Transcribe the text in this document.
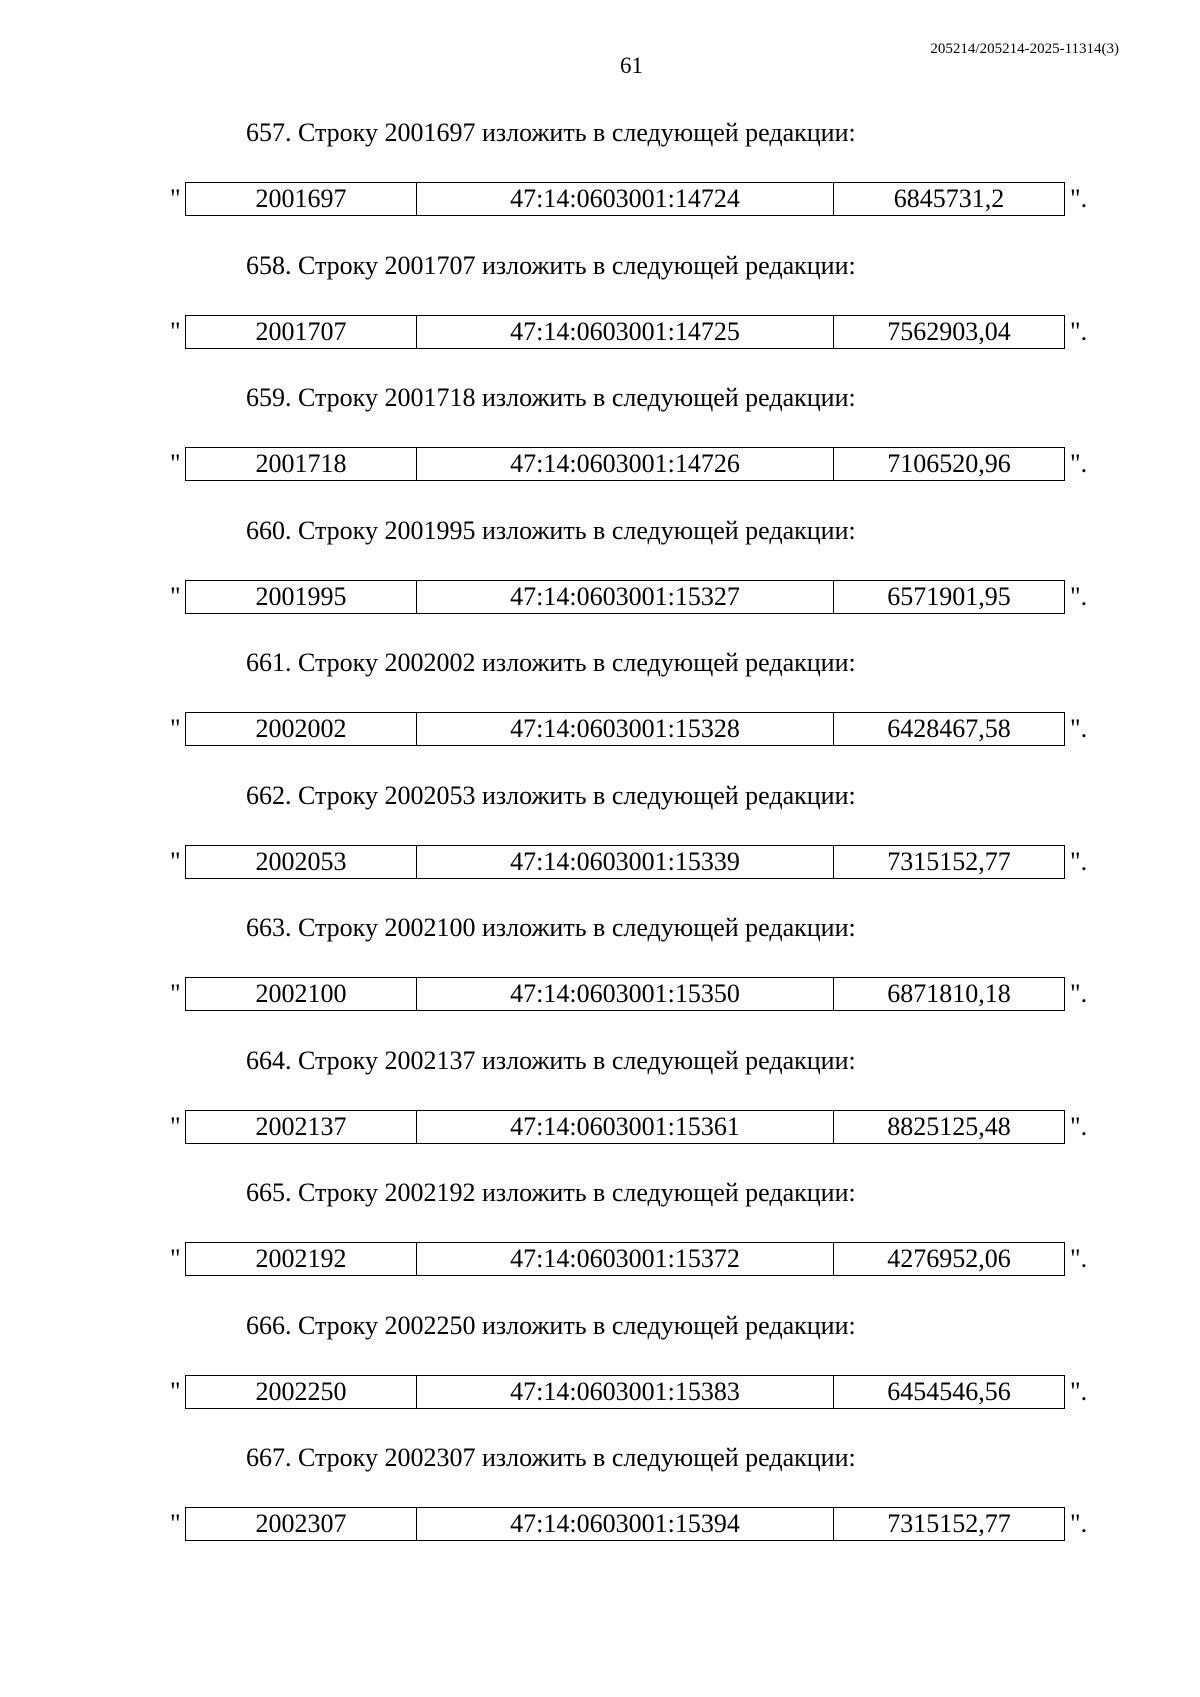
205214/205214-2025-11314(3)
61
657. Строку 2001697 изложить в следующей редакции:
"	2001697	47:14:0603001:14724	6845731,2	".
658. Строку 2001707 изложить в следующей редакции:
"	2001707	47:14:0603001:14725	7562903,04 ".
659. Строку 2001718 изложить в следующей редакции:
"	2001718	47:14:0603001:14726	7106520,96 ".
660. Строку 2001995 изложить в следующей редакции:
"	2001995	47:14:0603001:15327	6571901,95 ".
661. Строку 2002002 изложить в следующей редакции:
"	2002002	47:14:0603001:15328	6428467,58 ".
662. Строку 2002053 изложить в следующей редакции:
"	2002053	47:14:0603001:15339	7315152,77 ".
663. Строку 2002100 изложить в следующей редакции:
"	2002100	47:14:0603001:15350	6871810,18 ".
664. Строку 2002137 изложить в следующей редакции:
"	2002137	47:14:0603001:15361	8825125,48 ".
665. Строку 2002192 изложить в следующей редакции:
"	2002192	47:14:0603001:15372	4276952,06 ".
666. Строку 2002250 изложить в следующей редакции:
"	2002250	47:14:0603001:15383	6454546,56 ".
667. Строку 2002307 изложить в следующей редакции:
"	2002307	47:14:0603001:15394	7315152,77 ".
